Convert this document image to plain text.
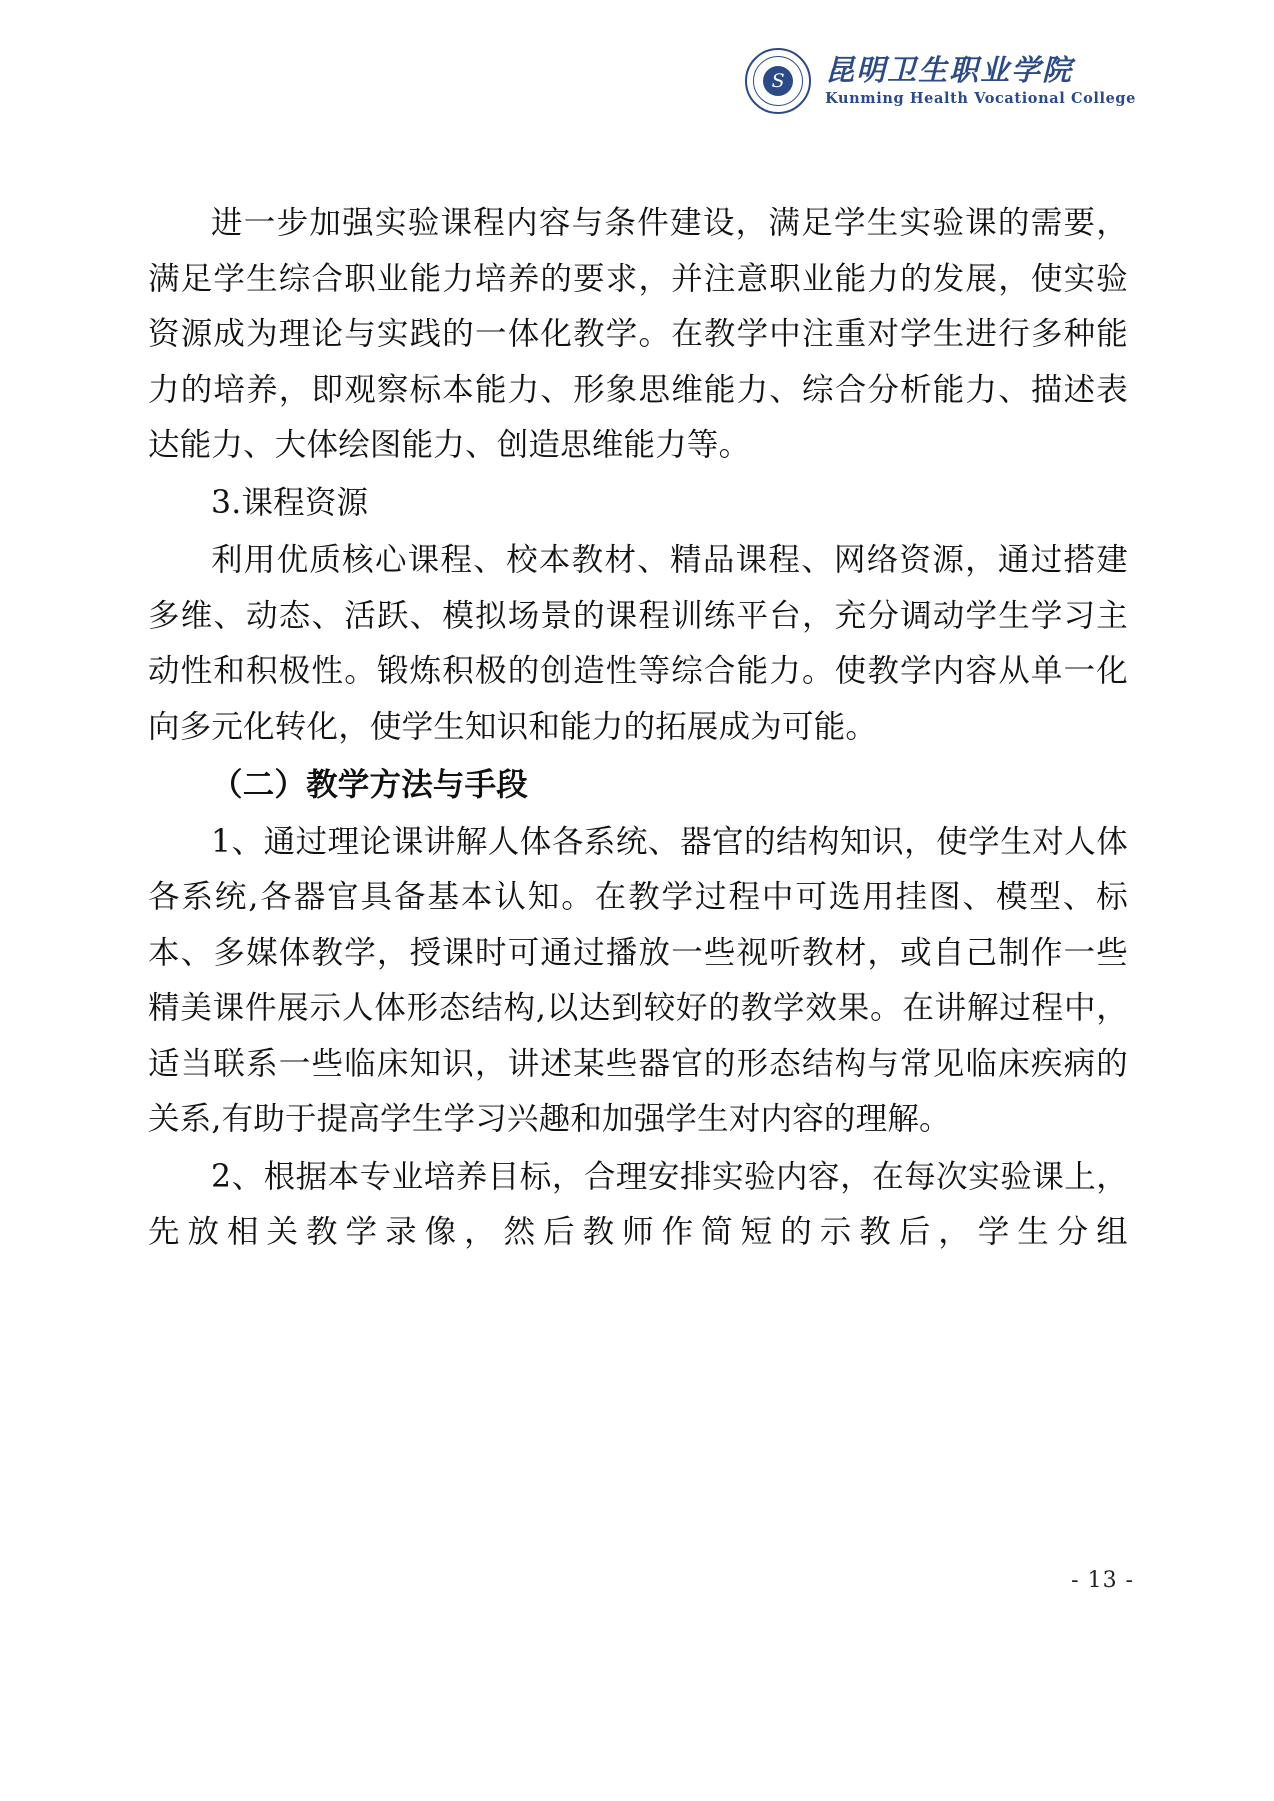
S 昆明卫生职业学院
Kunming Health Vocational College

进一步加强实验课程内容与条件建设，满足学生实验课的需要，满足学生综合职业能力培养的要求，并注意职业能力的发展，使实验资源成为理论与实践的一体化教学。在教学中注重对学生进行多种能力的培养，即观察标本能力、形象思维能力、综合分析能力、描述表达能力、大体绘图能力、创造思维能力等。

3.课程资源

利用优质核心课程、校本教材、精品课程、网络资源，通过搭建多维、动态、活跃、模拟场景的课程训练平台，充分调动学生学习主动性和积极性。锻炼积极的创造性等综合能力。使教学内容从单一化向多元化转化，使学生知识和能力的拓展成为可能。

（二）教学方法与手段

1、通过理论课讲解人体各系统、器官的结构知识，使学生对人体各系统,各器官具备基本认知。在教学过程中可选用挂图、模型、标本、多媒体教学，授课时可通过播放一些视听教材，或自己制作一些精美课件展示人体形态结构,以达到较好的教学效果。在讲解过程中，适当联系一些临床知识，讲述某些器官的形态结构与常见临床疾病的关系,有助于提高学生学习兴趣和加强学生对内容的理解。

2、根据本专业培养目标，合理安排实验内容，在每次实验课上，先放相关教学录像，然后教师作简短的示教后，学生分组

- 13 -
